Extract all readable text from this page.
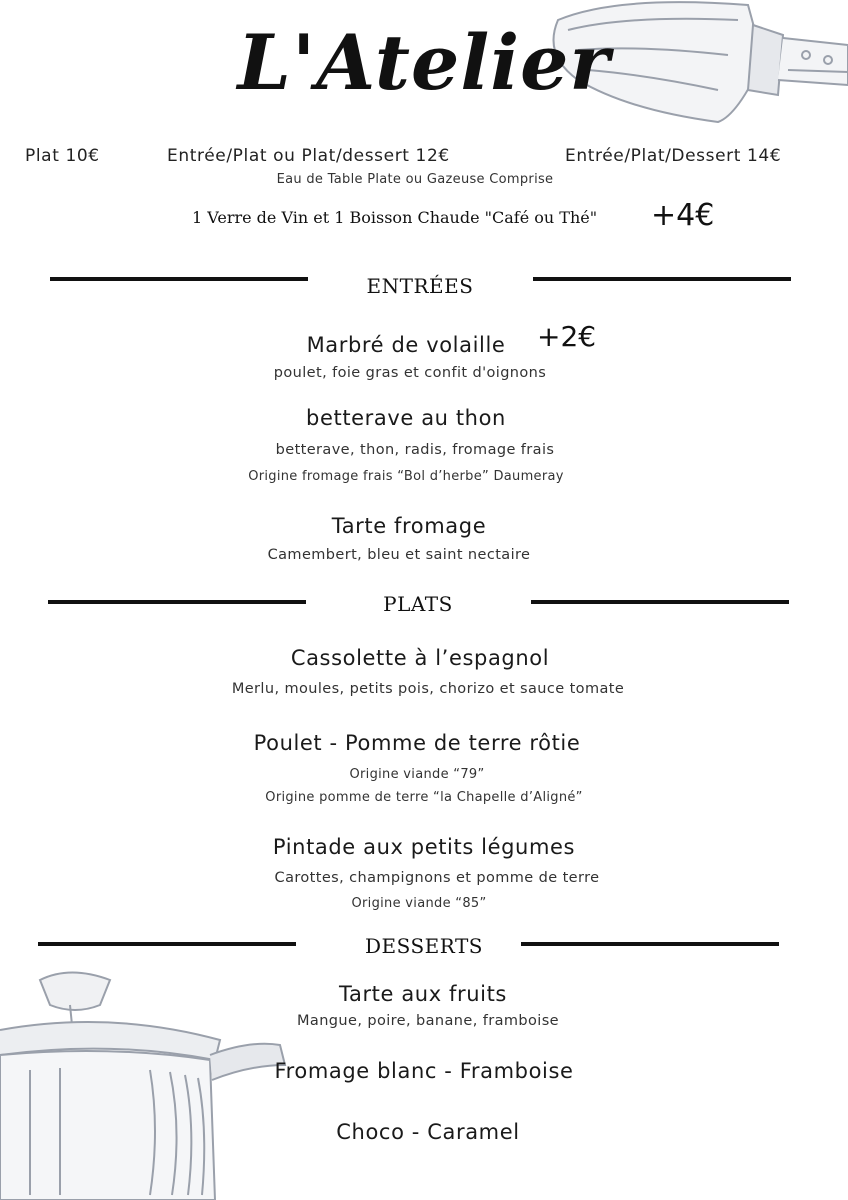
L'Atelier
Plat 10€	Entrée/Plat ou Plat/dessert 12€	Entrée/Plat/Dessert 14€
Eau de Table Plate ou Gazeuse Comprise
1 Verre de Vin et 1 Boisson Chaude "Café ou Thé" +4€
ENTRÉES
Marbré de volaille	+2€
poulet, foie gras et confit d'oignons
betterave au thon
betterave, thon, radis, fromage frais
Origine fromage frais “Bol d’herbe” Daumeray
Tarte fromage
Camembert, bleu et saint nectaire
PLATS
Cassolette à l’espagnol
Merlu, moules, petits pois, chorizo et sauce tomate
Poulet - Pomme de terre rôtie
Origine viande “79”
Origine pomme de terre “la Chapelle d’Aligné”
Pintade aux petits légumes
Carottes, champignons et pomme de terre
Origine viande “85”
DESSERTS
Tarte aux fruits
Mangue, poire, banane, framboise
Fromage blanc - Framboise
Choco - Caramel
